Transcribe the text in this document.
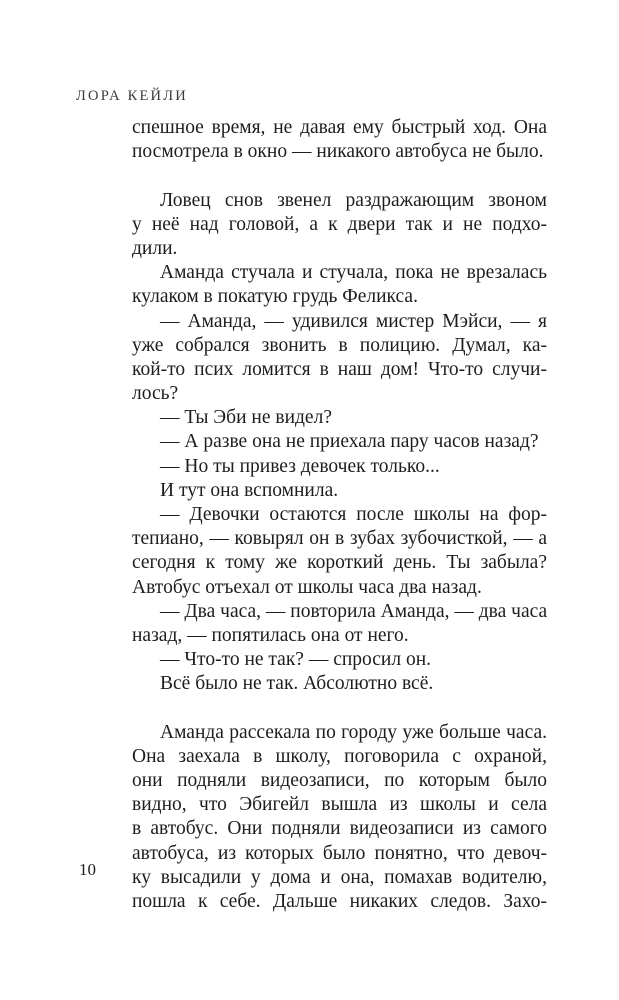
ЛОРА КЕЙЛИ
спешное время, не давая ему быстрый ход. Она
посмотрела в окно — никакого автобуса не было.
Ловец снов звенел раздражающим звоном
у неё над головой, а к двери так и не подхо-
дили.
Аманда стучала и стучала, пока не врезалась
кулаком в покатую грудь Феликса.
— Аманда, — удивился мистер Мэйси, — я
уже собрался звонить в полицию. Думал, ка-
кой-то псих ломится в наш дом! Что-то случи-
лось?
— Ты Эби не видел?
— А разве она не приехала пару часов назад?
— Но ты привез девочек только...
И тут она вспомнила.
— Девочки остаются после школы на фор-
тепиано, — ковырял он в зубах зубочисткой, — а
сегодня к тому же короткий день. Ты забыла?
Автобус отъехал от школы часа два назад.
— Два часа, — повторила Аманда, — два часа
назад, — попятилась она от него.
— Что-то не так? — спросил он.
Всё было не так. Абсолютно всё.
Аманда рассекала по городу уже больше часа.
Она заехала в школу, поговорила с охраной,
они подняли видеозаписи, по которым было
видно, что Эбигейл вышла из школы и села
в автобус. Они подняли видеозаписи из самого
автобуса, из которых было понятно, что девоч-
ку высадили у дома и она, помахав водителю,
пошла к себе. Дальше никаких следов. Захо-
10
